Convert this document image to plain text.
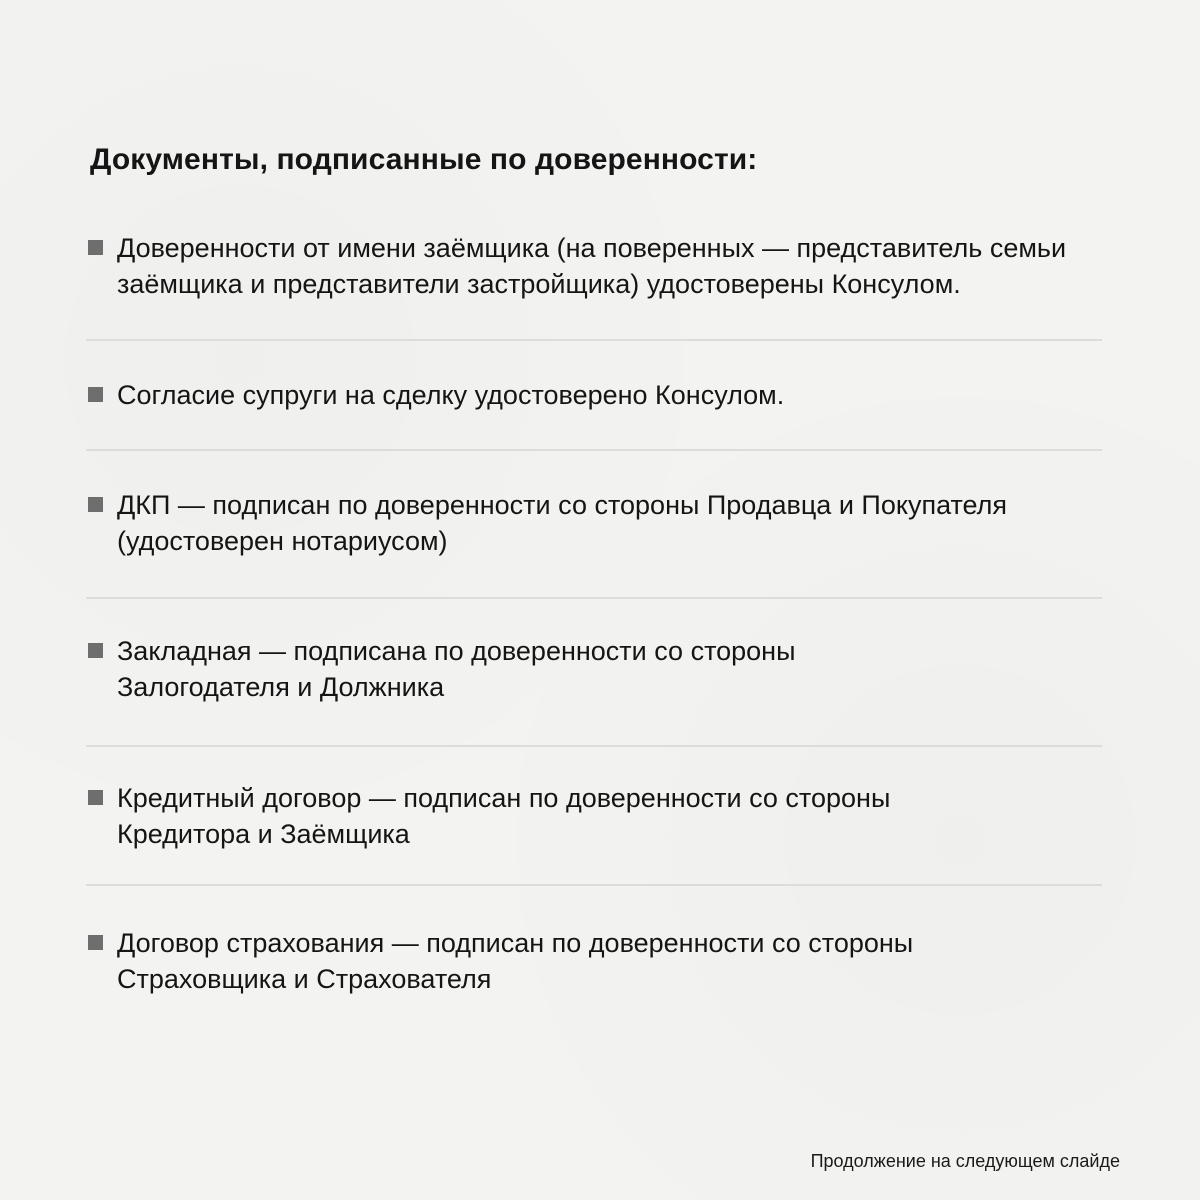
Документы, подписанные по доверенности:

Доверенности от имени заёмщика (на поверенных — представитель семьи
заёмщика и представители застройщика) удостоверены Консулом.

Согласие супруги на сделку удостоверено Консулом.

ДКП — подписан по доверенности со стороны Продавца и Покупателя
(удостоверен нотариусом)

Закладная — подписана по доверенности со стороны
Залогодателя и Должника

Кредитный договор — подписан по доверенности со стороны
Кредитора и Заёмщика

Договор страхования — подписан по доверенности со стороны
Страховщика и Страхователя

Продолжение на следующем слайде
